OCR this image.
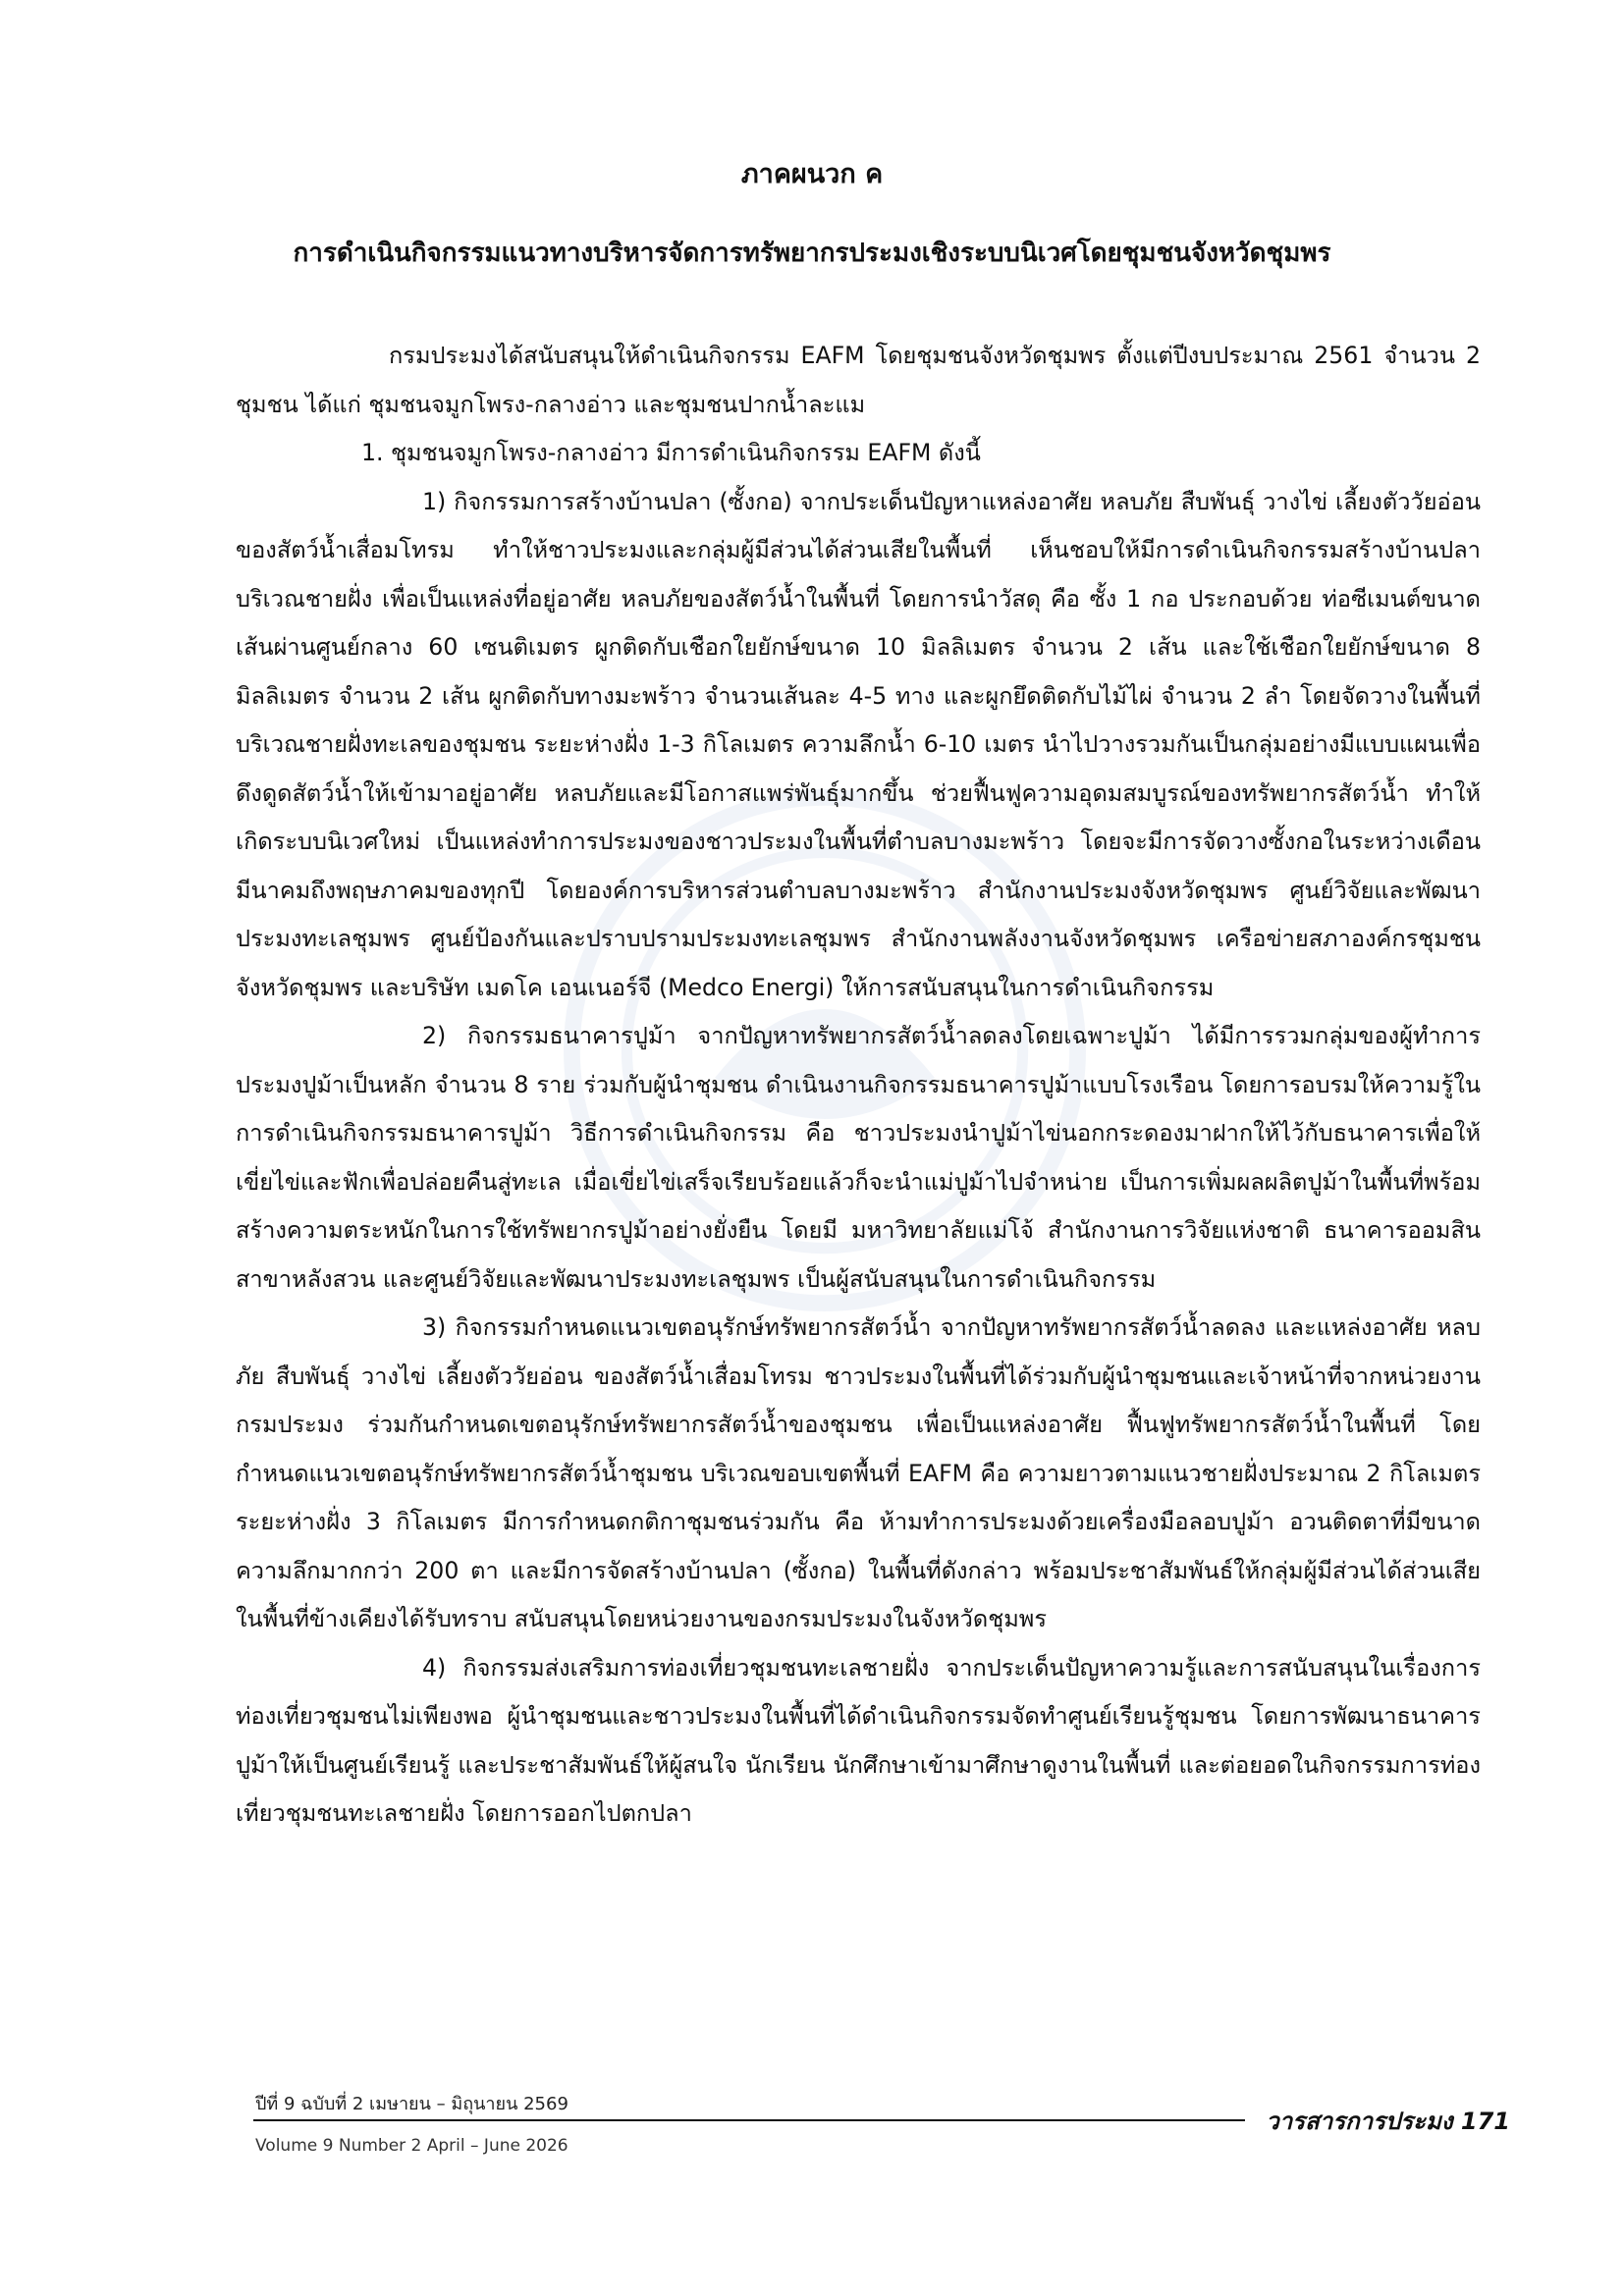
ภาคผนวก ค
การดำเนินกิจกรรมแนวทางบริหารจัดการทรัพยากรประมงเชิงระบบนิเวศโดยชุมชนจังหวัดชุมพร

กรมประมงได้สนับสนุนให้ดำเนินกิจกรรม EAFM โดยชุมชนจังหวัดชุมพร ตั้งแต่ปีงบประมาณ 2561 จำนวน 2 ชุมชน ได้แก่ ชุมชนจมูกโพรง-กลางอ่าว และชุมชนปากน้ำละแม

1. ชุมชนจมูกโพรง-กลางอ่าว มีการดำเนินกิจกรรม EAFM ดังนี้

1) กิจกรรมการสร้างบ้านปลา (ซั้งกอ) จากประเด็นปัญหาแหล่งอาศัย หลบภัย สืบพันธุ์ วางไข่ เลี้ยงตัววัยอ่อน ของสัตว์น้ำเสื่อมโทรม ทำให้ชาวประมงและกลุ่มผู้มีส่วนได้ส่วนเสียในพื้นที่ เห็นชอบให้มีการดำเนินกิจกรรมสร้างบ้านปลาบริเวณชายฝั่ง เพื่อเป็นแหล่งที่อยู่อาศัย หลบภัยของสัตว์น้ำในพื้นที่ โดยการนำวัสดุ คือ ซั้ง 1 กอ ประกอบด้วย ท่อซีเมนต์ขนาดเส้นผ่านศูนย์กลาง 60 เซนติเมตร ผูกติดกับเชือกใยยักษ์ขนาด 10 มิลลิเมตร จำนวน 2 เส้น และใช้เชือกใยยักษ์ขนาด 8 มิลลิเมตร จำนวน 2 เส้น ผูกติดกับทางมะพร้าว จำนวนเส้นละ 4-5 ทาง และผูกยึดติดกับไม้ไผ่ จำนวน 2 ลำ โดยจัดวางในพื้นที่บริเวณชายฝั่งทะเลของชุมชน ระยะห่างฝั่ง 1-3 กิโลเมตร ความลึกน้ำ 6-10 เมตร นำไปวางรวมกันเป็นกลุ่มอย่างมีแบบแผนเพื่อดึงดูดสัตว์น้ำให้เข้ามาอยู่อาศัย หลบภัยและมีโอกาสแพร่พันธุ์มากขึ้น ช่วยฟื้นฟูความอุดมสมบูรณ์ของทรัพยากรสัตว์น้ำ ทำให้เกิดระบบนิเวศใหม่ เป็นแหล่งทำการประมงของชาวประมงในพื้นที่ตำบลบางมะพร้าว โดยจะมีการจัดวางซั้งกอในระหว่างเดือนมีนาคมถึงพฤษภาคมของทุกปี โดยองค์การบริหารส่วนตำบลบางมะพร้าว สำนักงานประมงจังหวัดชุมพร ศูนย์วิจัยและพัฒนาประมงทะเลชุมพร ศูนย์ป้องกันและปราบปรามประมงทะเลชุมพร สำนักงานพลังงานจังหวัดชุมพร เครือข่ายสภาองค์กรชุมชนจังหวัดชุมพร และบริษัท เมดโค เอนเนอร์จี (Medco Energi) ให้การสนับสนุนในการดำเนินกิจกรรม

2) กิจกรรมธนาคารปูม้า จากปัญหาทรัพยากรสัตว์น้ำลดลงโดยเฉพาะปูม้า ได้มีการรวมกลุ่มของผู้ทำการประมงปูม้าเป็นหลัก จำนวน 8 ราย ร่วมกับผู้นำชุมชน ดำเนินงานกิจกรรมธนาคารปูม้าแบบโรงเรือน โดยการอบรมให้ความรู้ในการดำเนินกิจกรรมธนาคารปูม้า วิธีการดำเนินกิจกรรม คือ ชาวประมงนำปูม้าไข่นอกกระดองมาฝากให้ไว้กับธนาคารเพื่อให้เขี่ยไข่และฟักเพื่อปล่อยคืนสู่ทะเล เมื่อเขี่ยไข่เสร็จเรียบร้อยแล้วก็จะนำแม่ปูม้าไปจำหน่าย เป็นการเพิ่มผลผลิตปูม้าในพื้นที่พร้อมสร้างความตระหนักในการใช้ทรัพยากรปูม้าอย่างยั่งยืน โดยมี มหาวิทยาลัยแม่โจ้ สำนักงานการวิจัยแห่งชาติ ธนาคารออมสินสาขาหลังสวน และศูนย์วิจัยและพัฒนาประมงทะเลชุมพร เป็นผู้สนับสนุนในการดำเนินกิจกรรม

3) กิจกรรมกำหนดแนวเขตอนุรักษ์ทรัพยากรสัตว์น้ำ จากปัญหาทรัพยากรสัตว์น้ำลดลง และแหล่งอาศัย หลบภัย สืบพันธุ์ วางไข่ เลี้ยงตัววัยอ่อน ของสัตว์น้ำเสื่อมโทรม ชาวประมงในพื้นที่ได้ร่วมกับผู้นำชุมชนและเจ้าหน้าที่จากหน่วยงานกรมประมง ร่วมกันกำหนดเขตอนุรักษ์ทรัพยากรสัตว์น้ำของชุมชน เพื่อเป็นแหล่งอาศัย ฟื้นฟูทรัพยากรสัตว์น้ำในพื้นที่ โดยกำหนดแนวเขตอนุรักษ์ทรัพยากรสัตว์น้ำชุมชน บริเวณขอบเขตพื้นที่ EAFM คือ ความยาวตามแนวชายฝั่งประมาณ 2 กิโลเมตร ระยะห่างฝั่ง 3 กิโลเมตร มีการกำหนดกติกาชุมชนร่วมกัน คือ ห้ามทำการประมงด้วยเครื่องมือลอบปูม้า อวนติดตาที่มีขนาดความลึกมากกว่า 200 ตา และมีการจัดสร้างบ้านปลา (ซั้งกอ) ในพื้นที่ดังกล่าว พร้อมประชาสัมพันธ์ให้กลุ่มผู้มีส่วนได้ส่วนเสียในพื้นที่ข้างเคียงได้รับทราบ สนับสนุนโดยหน่วยงานของกรมประมงในจังหวัดชุมพร

4) กิจกรรมส่งเสริมการท่องเที่ยวชุมชนทะเลชายฝั่ง จากประเด็นปัญหาความรู้และการสนับสนุนในเรื่องการท่องเที่ยวชุมชนไม่เพียงพอ ผู้นำชุมชนและชาวประมงในพื้นที่ได้ดำเนินกิจกรรมจัดทำศูนย์เรียนรู้ชุมชน โดยการพัฒนาธนาคารปูม้าให้เป็นศูนย์เรียนรู้ และประชาสัมพันธ์ให้ผู้สนใจ นักเรียน นักศึกษาเข้ามาศึกษาดูงานในพื้นที่ และต่อยอดในกิจกรรมการท่องเที่ยวชุมชนทะเลชายฝั่ง โดยการออกไปตกปลา

ปีที่ 9 ฉบับที่ 2 เมษายน – มิถุนายน 2569
Volume 9 Number 2 April – June 2026
วารสารการประมง 171
